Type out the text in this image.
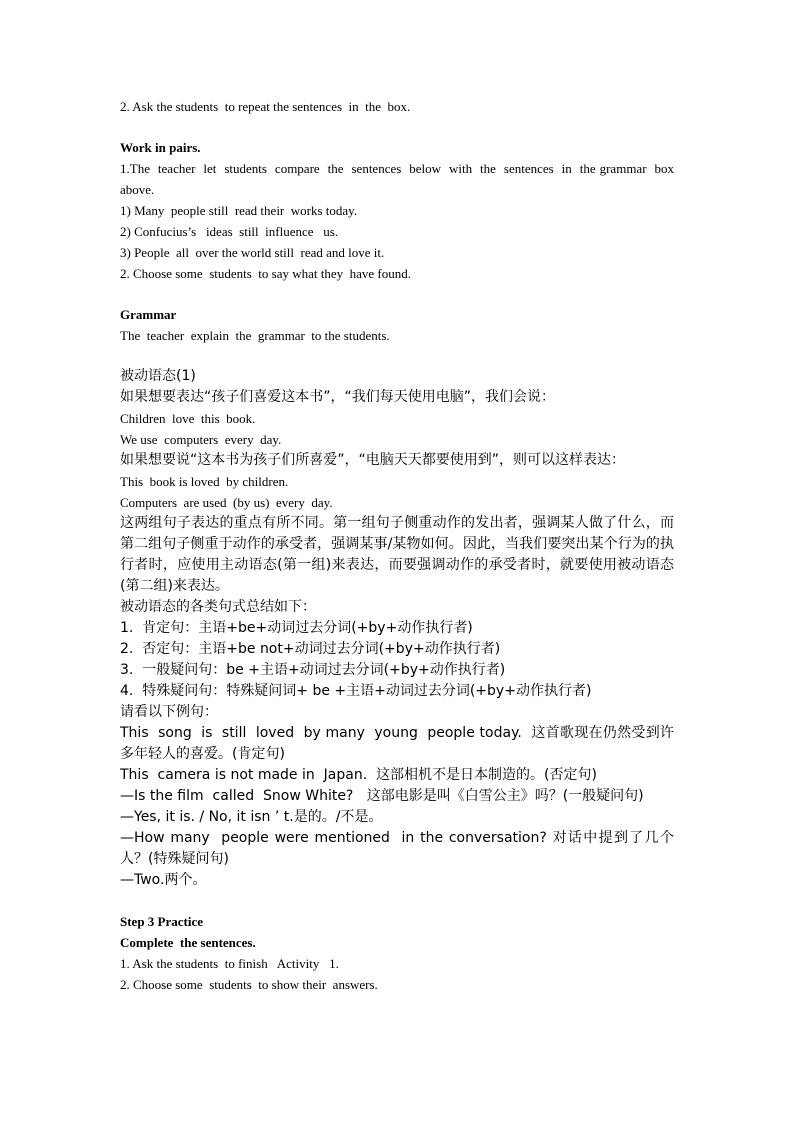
2. Ask the students  to repeat the sentences  in  the  box.
Work in pairs.
1.The  teacher  let  students  compare  the  sentences  below  with  the  sentences  in  the grammar  box above.
1) Many  people still  read their  works today.
2) Confucius’s   ideas  still  influence   us.
3) People  all  over the world still  read and love it.
2. Choose some  students  to say what they  have found.
Grammar
The  teacher  explain  the  grammar  to the students.
被动语态(1)
如果想要表达“孩子们喜爱这本书”，“我们每天使用电脑”，我们会说：
Children  love  this  book.
We use  computers  every  day.
如果想要说“这本书为孩子们所喜爱”，“电脑天天都要使用到”，则可以这样表达：
This  book is loved  by children.
Computers  are used  (by us)  every  day.
这两组句子表达的重点有所不同。第一组句子侧重动作的发出者，强调某人做了什么，而第二组句子侧重于动作的承受者，强调某事/某物如何。因此，当我们要突出某个行为的执行者时，应使用主动语态(第一组)来表达，而要强调动作的承受者时，就要使用被动语态(第二组)来表达。
被动语态的各类句式总结如下：
1.  肯定句：主语+be+动词过去分词(+by+动作执行者)
2.  否定句：主语+be not+动词过去分词(+by+动作执行者)
3.  一般疑问句：be +主语+动词过去分词(+by+动作执行者)
4.  特殊疑问句：特殊疑问词+ be +主语+动词过去分词(+by+动作执行者)
请看以下例句：
This  song  is  still  loved  by many  young  people today.  这首歌现在仍然受到许多年轻人的喜爱。(肯定句)
This  camera is not made in  Japan.  这部相机不是日本制造的。(否定句)
—Is the film  called  Snow White?   这部电影是叫《白雪公主》吗？(一般疑问句)
—Yes, it is. / No, it isn ’ t.是的。/不是。
—How many  people were mentioned  in the conversation? 对话中提到了几个人？(特殊疑问句)
—Two.两个。
Step 3 Practice
Complete  the sentences.
1. Ask the students  to finish   Activity   1.
2. Choose some  students  to show their  answers.
